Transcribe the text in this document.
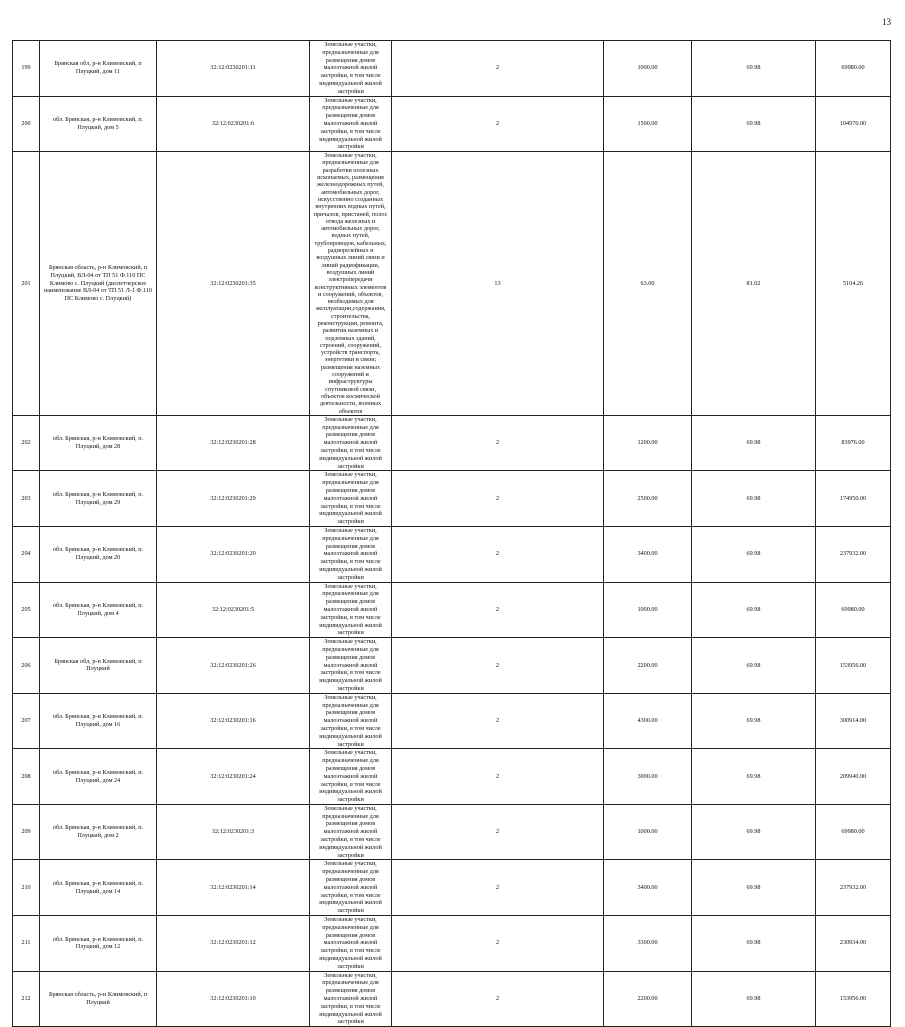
13
199	Брянская обл, р-н Климовский, п Плуцкий, дом 11	32:12:0230201:11	Земельные участки, предназначенные для размещения домов малоэтажной жилой застройки, в том числе индивидуальной жилой застройки	2	1000.00	69.98	69980.00
200	обл. Брянская, р-н Климовский, п. Плуцкий, дом 5	32:12:0230201:6	Земельные участки, предназначенные для размещения домов малоэтажной жилой застройки, в том числе индивидуальной жилой застройки	2	1500.00	69.98	104970.00
201	Брянская область, р-н Климовский, п Плуцкий, ВЛ-04 от ТП 51 Ф.110 ПС Климово с. Плуцкий (диспетчерское наименование ВЛ-04 от ТП 51 Л-1 Ф.110 ПС Климово с. Плуцкий)	32:12:0230201:35	Земельные участки, предназначенные для разработки полезных ископаемых, размещения железнодорожных путей, автомобильных дорог, искусственно созданных внутренних водных путей, причалов, пристаней, полос отвода железных и автомобильных дорог, водных путей, трубопроводов, кабельных, радиорелейных и воздушных линий связи и линий радиофикации, воздушных линий электропередачи конструктивных элементов и сооружений, объектов, необходимых для эксплуатации,содержания, строительства, реконструкции, ремонта, развития наземных и подземных зданий, строений, сооружений, устройств транспорта, энергетики и связи; размещения наземных сооружений и инфраструктуры спутниковой связи, объектов космической деятельности, военных объектов	13	63.00	81.02	5104.26
202	обл. Брянская, р-н Климовский, п. Плуцкий, дом 28	32:12:0230201:28	Земельные участки, предназначенные для размещения домов малоэтажной жилой застройки, в том числе индивидуальной жилой застройки	2	1200.00	69.98	83976.00
203	обл. Брянская, р-н Климовский, п. Плуцкий, дом 29	32:12:0230201:29	Земельные участки, предназначенные для размещения домов малоэтажной жилой застройки, в том числе индивидуальной жилой застройки	2	2500.00	69.98	174950.00
204	обл. Брянская, р-н Климовский, п. Плуцкий, дом 20	32:12:0230201:20	Земельные участки, предназначенные для размещения домов малоэтажной жилой застройки, в том числе индивидуальной жилой застройки	2	3400.00	69.98	237932.00
205	обл. Брянская, р-н Климовский, п. Плуцкий, дом 4	32:12:0230201:5	Земельные участки, предназначенные для размещения домов малоэтажной жилой застройки, в том числе индивидуальной жилой застройки	2	1000.00	69.98	69980.00
206	Брянская обл, р-н Климовский, п Плуцкий	32:12:0230201:26	Земельные участки, предназначенные для размещения домов малоэтажной жилой застройки, в том числе индивидуальной жилой застройки	2	2200.00	69.98	153956.00
207	обл. Брянская, р-н Климовский, п. Плуцкий, дом 16	32:12:0230201:16	Земельные участки, предназначенные для размещения домов малоэтажной жилой застройки, в том числе индивидуальной жилой застройки	2	4300.00	69.98	300914.00
208	обл. Брянская, р-н Климовский, п. Плуцкий, дом 24	32:12:0230201:24	Земельные участки, предназначенные для размещения домов малоэтажной жилой застройки, в том числе индивидуальной жилой застройки	2	3000.00	69.98	209940.00
209	обл. Брянская, р-н Климовский, п. Плуцкий, дом 2	32:12:0230201:3	Земельные участки, предназначенные для размещения домов малоэтажной жилой застройки, в том числе индивидуальной жилой застройки	2	1000.00	69.98	69980.00
210	обл. Брянская, р-н Климовский, п. Плуцкий, дом 14	32:12:0230201:14	Земельные участки, предназначенные для размещения домов малоэтажной жилой застройки, в том числе индивидуальной жилой застройки	2	3400.00	69.98	237932.00
211	обл. Брянская, р-н Климовский, п. Плуцкий, дом 12	32:12:0230201:12	Земельные участки, предназначенные для размещения домов малоэтажной жилой застройки, в том числе индивидуальной жилой застройки	2	3300.00	69.98	230934.00
212	Брянская область, р-н Климовский, п Плуцкий	32:12:0230201:10	Земельные участки, предназначенные для размещения домов малоэтажной жилой застройки, в том числе индивидуальной жилой застройки	2	2200.00	69.98	153956.00
